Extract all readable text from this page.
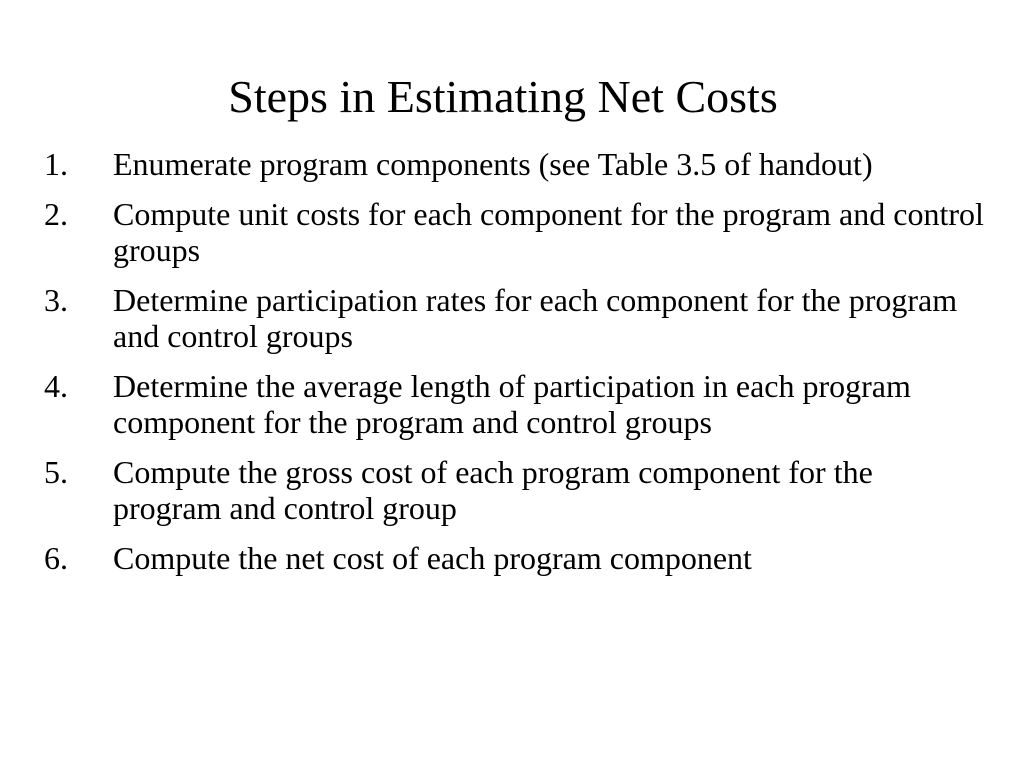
Steps in Estimating Net Costs
1.	Enumerate program components (see Table 3.5 of handout)
2.	Compute unit costs for each component for the program and control groups
3.	Determine participation rates for each component for the program and control groups
4.	Determine the average length of participation in each program component for the program and control groups
5.	Compute the gross cost of each program component for the program and control group
6.	Compute the net cost of each program component
